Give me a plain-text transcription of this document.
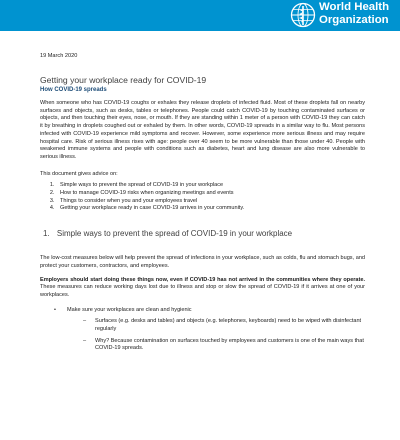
World Health
Organization
19 March 2020
Getting your workplace ready for COVID-19
How COVID-19 spreads

When someone who has COVID-19 coughs or exhales they release droplets of infected fluid. Most of these droplets fall on nearby surfaces and objects, such as desks, tables or telephones. People could catch COVID-19 by touching contaminated surfaces or objects, and then touching their eyes, nose, or mouth. If they are standing within 1 meter of a person with COVID-19 they can catch it by breathing in droplets coughed out or exhaled by them. In other words, COVID-19 spreads in a similar way to flu. Most persons infected with COVID-19 experience mild symptoms and recover. However, some experience more serious illness and may require hospital care. Risk of serious illness rises with age: people over 40 seem to be more vulnerable than those under 40. People with weakened immune systems and people with conditions such as diabetes, heart and lung disease are also more vulnerable to serious illness.

This document gives advice on:

1. Simple ways to prevent the spread of COVID-19 in your workplace
2. How to manage COVID-19 risks when organizing meetings and events
3. Things to consider when you and your employees travel
4. Getting your workplace ready in case COVID-19 arrives in your community.
1. Simple ways to prevent the spread of COVID-19 in your workplace

The low-cost measures below will help prevent the spread of infections in your workplace, such as colds, flu and stomach bugs, and protect your customers, contractors, and employees.

Employers should start doing these things now, even if COVID-19 has not arrived in the communities where they operate. These measures can reduce working days lost due to illness and stop or slow the spread of COVID-19 if it arrives at one of your workplaces.

• Make sure your workplaces are clean and hygienic
– Surfaces (e.g. desks and tables) and objects (e.g. telephones, keyboards) need to be wiped with disinfectant regularly
– Why? Because contamination on surfaces touched by employees and customers is one of the main ways that COVID-19 spreads.
